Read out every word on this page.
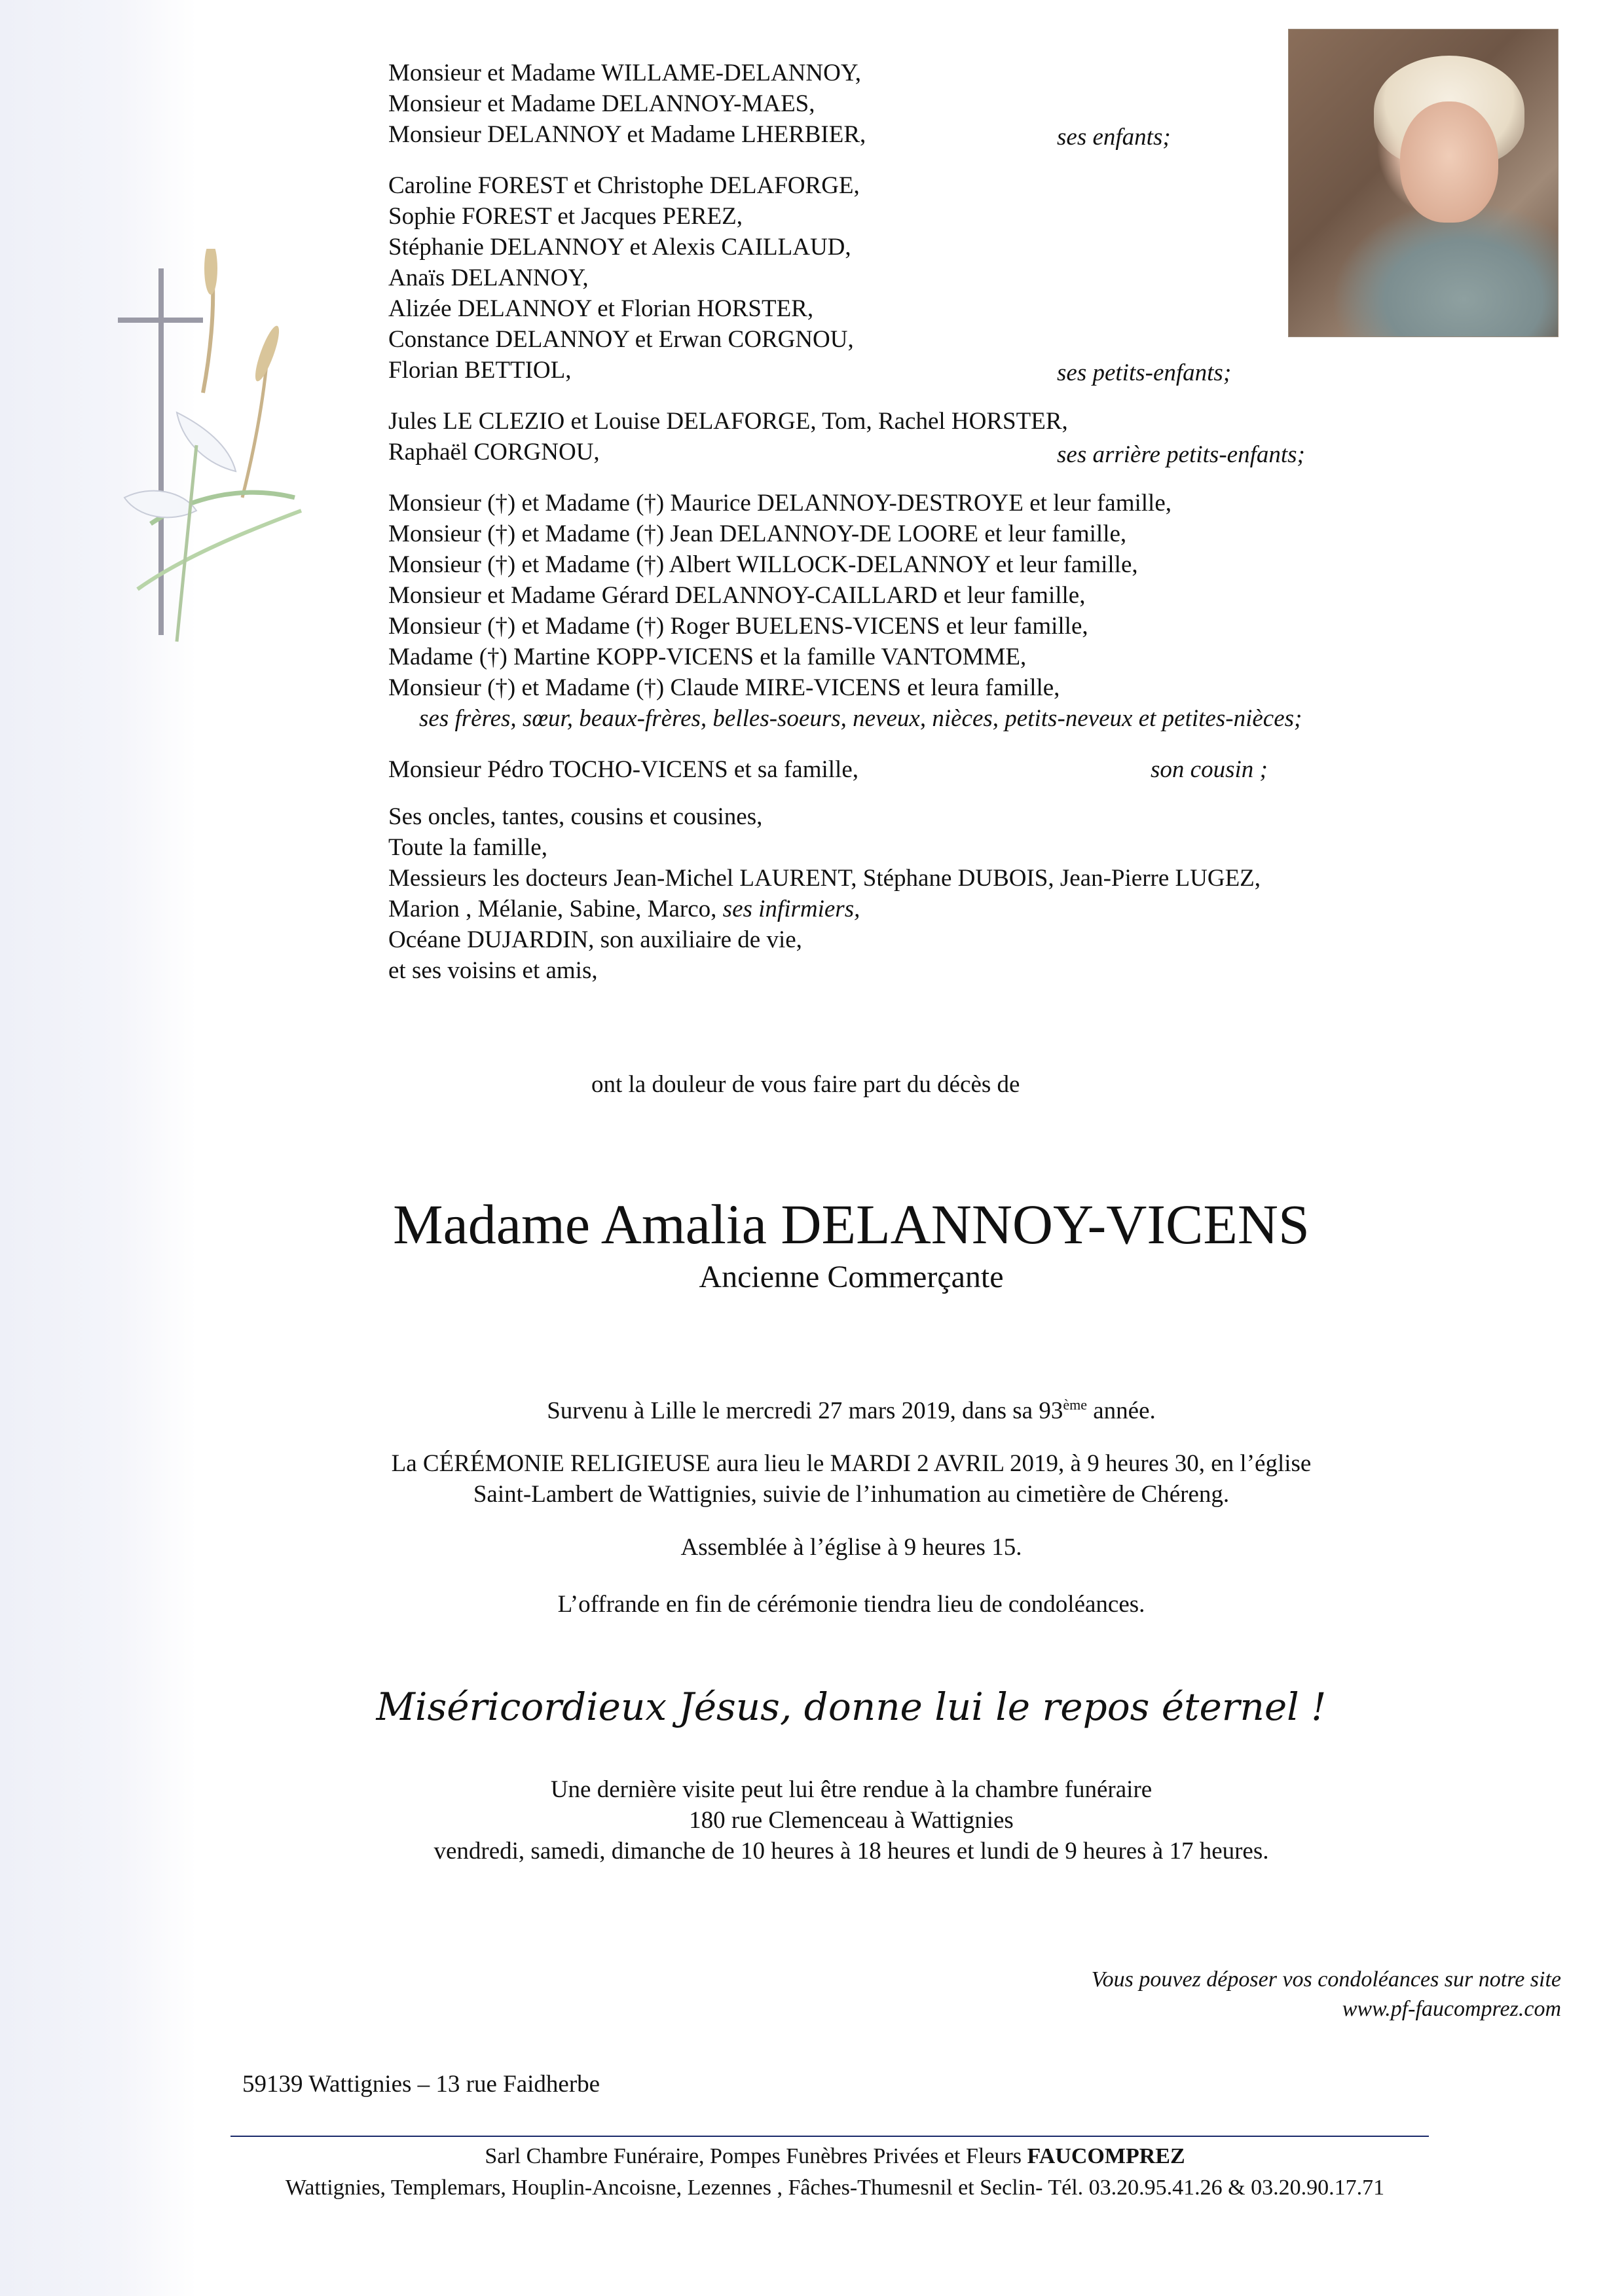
Monsieur et Madame WILLAME-DELANNOY,
Monsieur et Madame DELANNOY-MAES,
Monsieur DELANNOY et Madame LHERBIER,	ses enfants;
Caroline FOREST et Christophe DELAFORGE,
Sophie FOREST et Jacques PEREZ,
Stéphanie DELANNOY et Alexis CAILLAUD,
Anaïs DELANNOY,
Alizée DELANNOY et Florian HORSTER,
Constance DELANNOY et Erwan CORGNOU,
Florian BETTIOL,	ses petits-enfants;
Jules LE CLEZIO et Louise DELAFORGE, Tom, Rachel HORSTER,
Raphaël CORGNOU,	ses arrière petits-enfants;
Monsieur (†) et Madame (†) Maurice DELANNOY-DESTROYE et leur famille,
Monsieur (†) et Madame (†) Jean DELANNOY-DE LOORE et leur famille,
Monsieur (†) et Madame (†) Albert WILLOCK-DELANNOY et leur famille,
Monsieur et Madame Gérard DELANNOY-CAILLARD et leur famille,
Monsieur (†) et Madame (†) Roger BUELENS-VICENS et leur famille,
Madame (†) Martine KOPP-VICENS et la famille VANTOMME,
Monsieur (†) et Madame (†) Claude MIRE-VICENS et leura famille,
ses frères, sœur, beaux-frères, belles-soeurs, neveux, nièces, petits-neveux et petites-nièces;
Monsieur Pédro TOCHO-VICENS et sa famille,	son cousin ;
Ses oncles, tantes, cousins et cousines,
Toute la famille,
Messieurs les docteurs Jean-Michel LAURENT, Stéphane DUBOIS, Jean-Pierre LUGEZ,
Marion , Mélanie, Sabine, Marco, ses infirmiers,
Océane DUJARDIN, son auxiliaire de vie,
et ses voisins et amis,
ont la douleur de vous faire part du décès de
Madame Amalia DELANNOY-VICENS
Ancienne Commerçante
Survenu à Lille le mercredi 27 mars 2019, dans sa 93ème année.
La CÉRÉMONIE RELIGIEUSE aura lieu le MARDI 2 AVRIL 2019, à 9 heures 30, en l’église
Saint-Lambert de Wattignies, suivie de l’inhumation au cimetière de Chéreng.
Assemblée à l’église à 9 heures 15.
L’offrande en fin de cérémonie tiendra lieu de condoléances.
Miséricordieux Jésus, donne lui le repos éternel !
Une dernière visite peut lui être rendue à la chambre funéraire
180 rue Clemenceau à Wattignies
vendredi, samedi, dimanche de 10 heures à 18 heures et lundi de 9 heures à 17 heures.
Vous pouvez déposer vos condoléances sur notre site
www.pf-faucomprez.com
59139 Wattignies – 13 rue Faidherbe
Sarl Chambre Funéraire, Pompes Funèbres Privées et Fleurs FAUCOMPREZ
Wattignies, Templemars, Houplin-Ancoisne, Lezennes , Fâches-Thumesnil et Seclin- Tél. 03.20.95.41.26 & 03.20.90.17.71
